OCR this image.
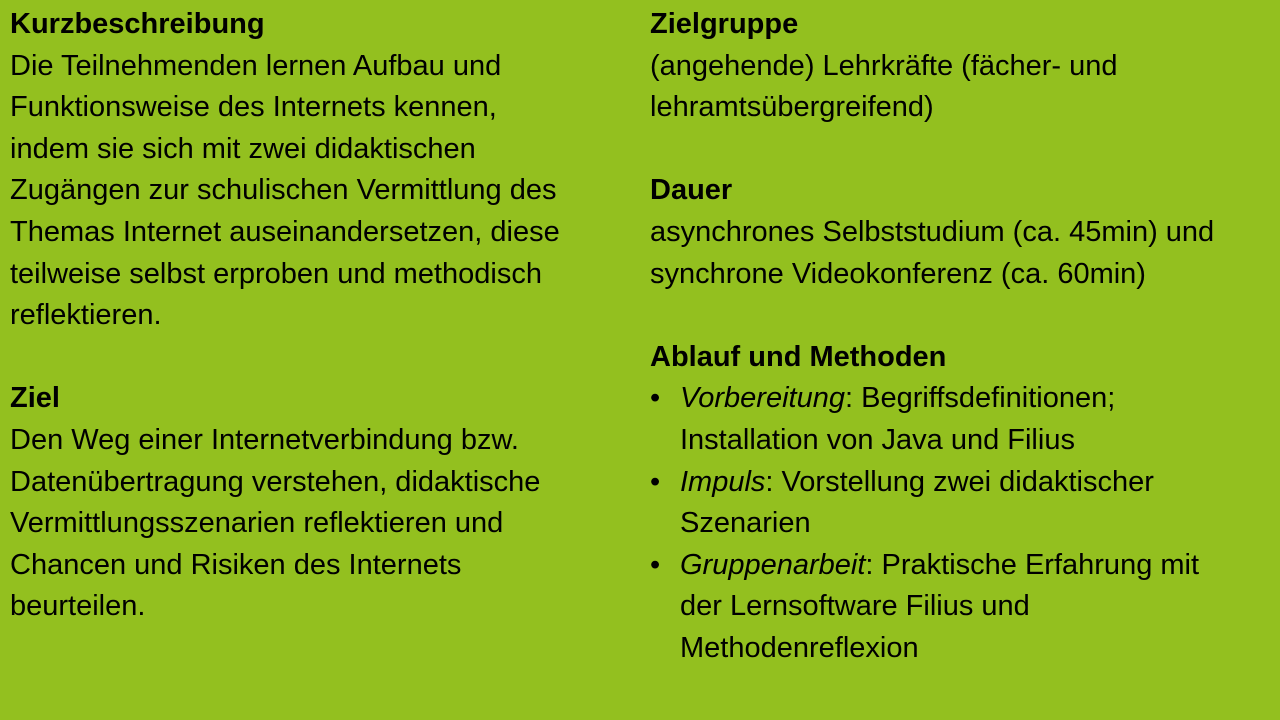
Kurzbeschreibung

Die Teilnehmenden lernen Aufbau und
Funktionsweise des Internets kennen,
indem sie sich mit zwei didaktischen
Zugängen zur schulischen Vermittlung des
Themas Internet auseinandersetzen, diese
teilweise selbst erproben und methodisch
reflektieren.

Ziel

Den Weg einer Internetverbindung bzw.
Datenübertragung verstehen, didaktische
Vermittlungsszenarien reflektieren und
Chancen und Risiken des Internets
beurteilen.

Zielgruppe

(angehende) Lehrkräfte (fächer- und
lehramtsübergreifend)

Dauer

asynchrones Selbststudium (ca. 45min) und
synchrone Videokonferenz (ca. 60min)

Ablauf und Methoden

• Vorbereitung: Begriffsdefinitionen;
Installation von Java und Filius
• Impuls: Vorstellung zwei didaktischer
Szenarien
• Gruppenarbeit: Praktische Erfahrung mit
der Lernsoftware Filius und
Methodenreflexion
